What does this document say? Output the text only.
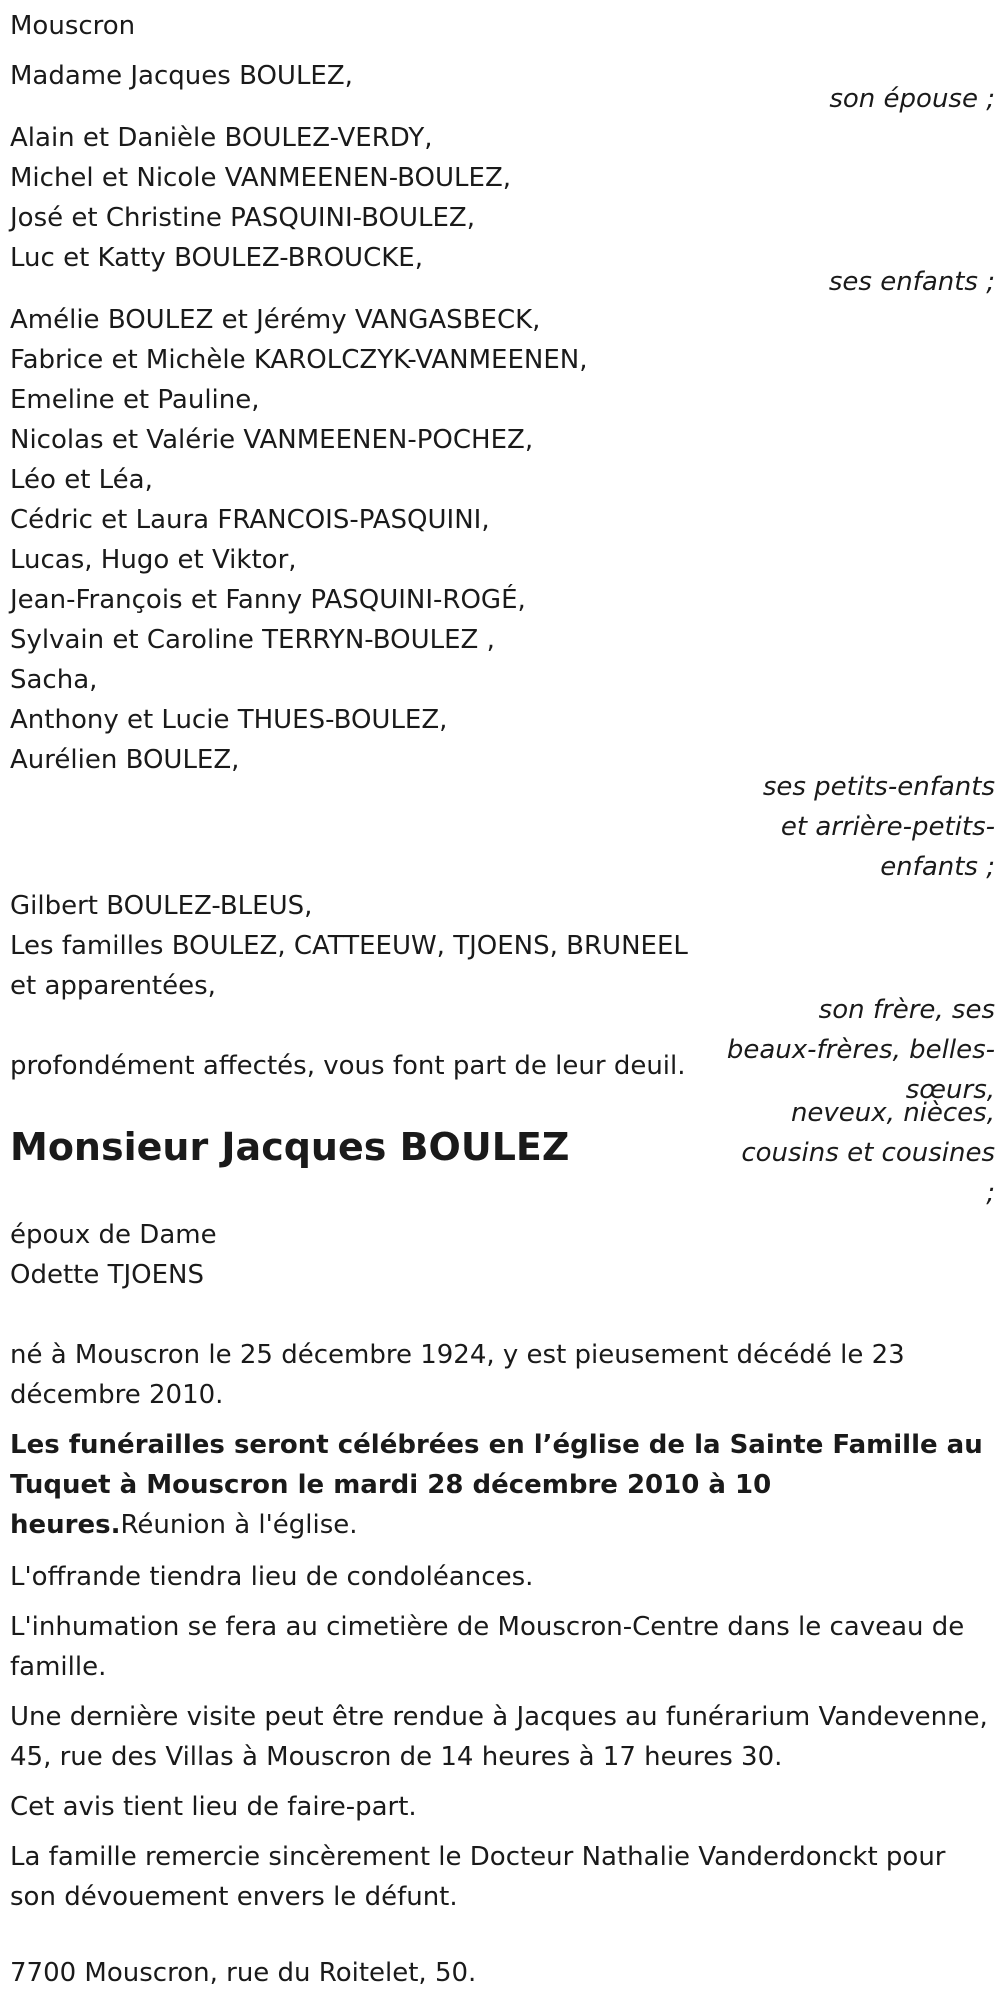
Mouscron
Madame Jacques BOULEZ,
son épouse ;
Alain et Danièle BOULEZ-VERDY,
Michel et Nicole VANMEENEN-BOULEZ,
José et Christine PASQUINI-BOULEZ,
Luc et Katty BOULEZ-BROUCKE,
ses enfants ;
Amélie BOULEZ et Jérémy VANGASBECK,
Fabrice et Michèle KAROLCZYK-VANMEENEN,
Emeline et Pauline,
Nicolas et Valérie VANMEENEN-POCHEZ,
Léo et Léa,
Cédric et Laura FRANCOIS-PASQUINI,
Lucas, Hugo et Viktor,
Jean-François et Fanny PASQUINI-ROGÉ,
Sylvain et Caroline TERRYN-BOULEZ ,
Sacha,
Anthony et Lucie THUES-BOULEZ,
Aurélien BOULEZ,
ses petits-enfants
et arrière-petits-
enfants ;
Gilbert BOULEZ-BLEUS,
Les familles BOULEZ, CATTEEUW, TJOENS, BRUNEEL
et apparentées,
son frère, ses
beaux-frères, belles-
sœurs,
profondément affectés, vous font part de leur deuil.
neveux, nièces,
cousins et cousines
;
Monsieur Jacques BOULEZ
époux de Dame
Odette TJOENS
né à Mouscron le 25 décembre 1924, y est pieusement décédé le 23 décembre 2010.
Les funérailles seront célébrées en l’église de la Sainte Famille au Tuquet à Mouscron le mardi 28 décembre 2010 à 10 heures.Réunion à l'église.
L'offrande tiendra lieu de condoléances.
L'inhumation se fera au cimetière de Mouscron-Centre dans le caveau de famille.
Une dernière visite peut être rendue à Jacques au funérarium Vandevenne, 45, rue des Villas à Mouscron de 14 heures à 17 heures 30.
Cet avis tient lieu de faire-part.
La famille remercie sincèrement le Docteur Nathalie Vanderdonckt pour son dévouement envers le défunt.
7700 Mouscron, rue du Roitelet, 50.
